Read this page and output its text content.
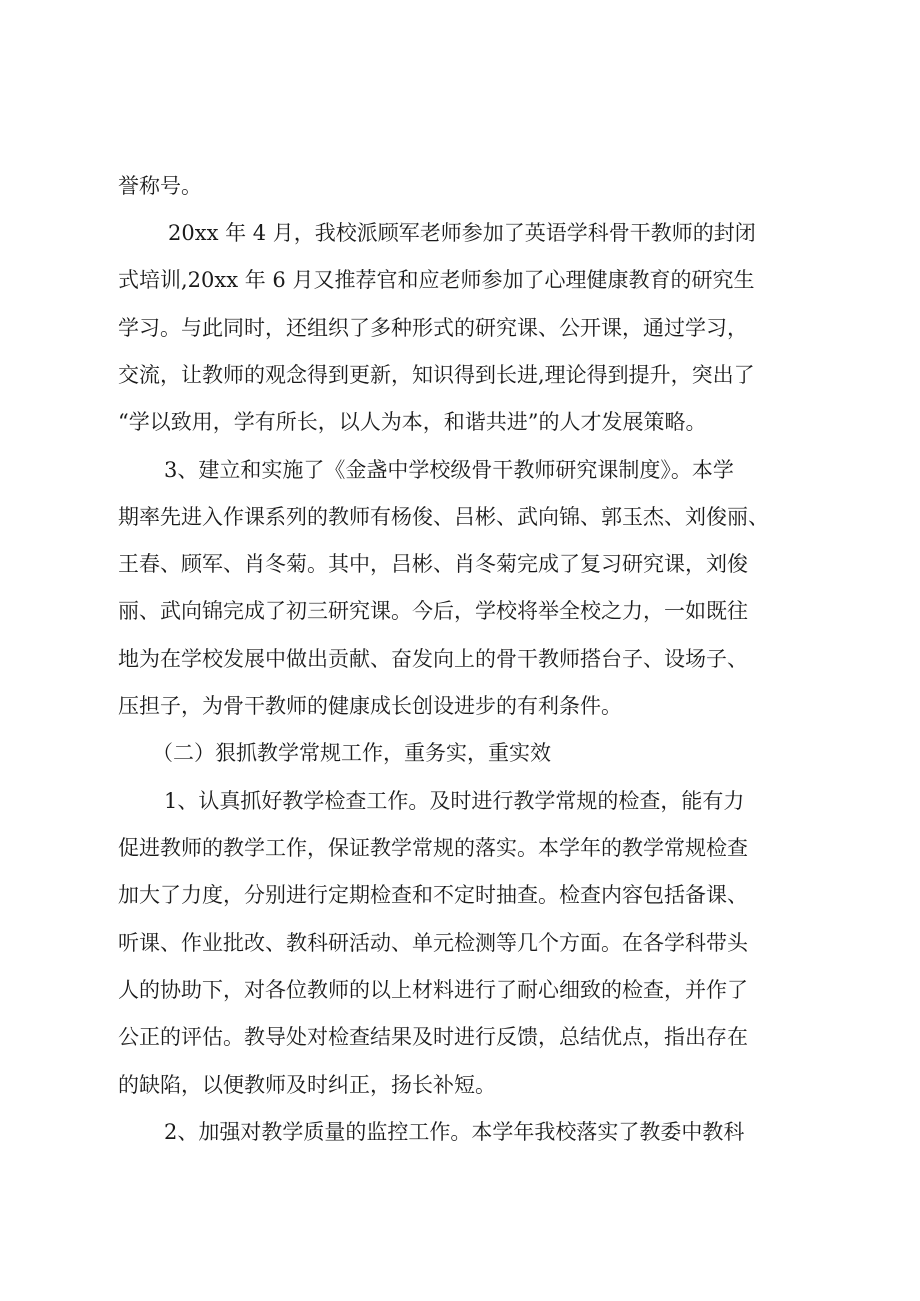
誉称号。
20xx 年 4 月，我校派顾军老师参加了英语学科骨干教师的封闭
式培训,20xx 年 6 月又推荐官和应老师参加了心理健康教育的研究生
学习。与此同时，还组织了多种形式的研究课、公开课，通过学习，
交流，让教师的观念得到更新，知识得到长进,理论得到提升，突出了
“学以致用，学有所长，以人为本，和谐共进”的人才发展策略。
3、建立和实施了《金盏中学校级骨干教师研究课制度》。本学
期率先进入作课系列的教师有杨俊、吕彬、武向锦、郭玉杰、刘俊丽、
王春、顾军、肖冬菊。其中，吕彬、肖冬菊完成了复习研究课，刘俊
丽、武向锦完成了初三研究课。今后，学校将举全校之力，一如既往
地为在学校发展中做出贡献、奋发向上的骨干教师搭台子、设场子、
压担子，为骨干教师的健康成长创设进步的有利条件。
（二）狠抓教学常规工作，重务实，重实效
1、认真抓好教学检查工作。及时进行教学常规的检查，能有力
促进教师的教学工作，保证教学常规的落实。本学年的教学常规检查
加大了力度，分别进行定期检查和不定时抽查。检查内容包括备课、
听课、作业批改、教科研活动、单元检测等几个方面。在各学科带头
人的协助下，对各位教师的以上材料进行了耐心细致的检查，并作了
公正的评估。教导处对检查结果及时进行反馈，总结优点，指出存在
的缺陷，以便教师及时纠正，扬长补短。
2、加强对教学质量的监控工作。本学年我校落实了教委中教科
